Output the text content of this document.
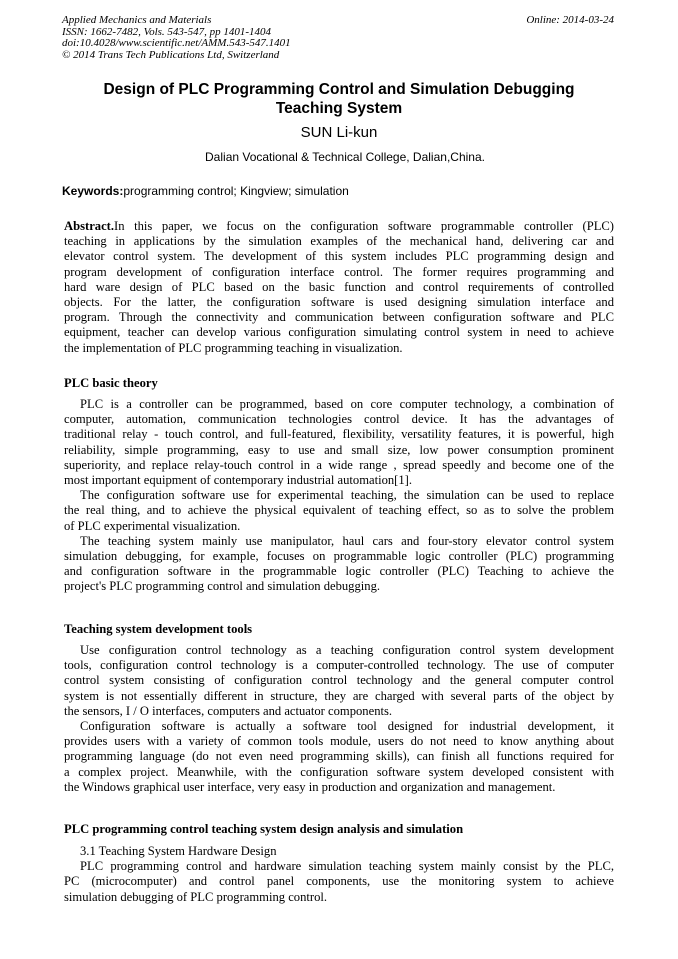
Applied Mechanics and Materials
ISSN: 1662-7482, Vols. 543-547, pp 1401-1404
doi:10.4028/www.scientific.net/AMM.543-547.1401
© 2014 Trans Tech Publications Ltd, Switzerland
Online: 2014-03-24
Design of PLC Programming Control and Simulation Debugging
Teaching System
SUN Li-kun
Dalian Vocational & Technical College, Dalian,China.
Keywords:programming control; Kingview; simulation
Abstract.In this paper, we focus on the configuration software programmable controller (PLC)
teaching in applications by the simulation examples of the mechanical hand, delivering car and
elevator control system. The development of this system includes PLC programming design and
program development of configuration interface control. The former requires programming and
hard ware design of PLC based on the basic function and control requirements of controlled
objects. For the latter, the configuration software is used designing simulation interface and
program. Through the connectivity and communication between configuration software and PLC
equipment, teacher can develop various configuration simulating control system in need to achieve
the implementation of PLC programming teaching in visualization.
PLC basic theory
PLC is a controller can be programmed, based on core computer technology, a combination of
computer, automation, communication technologies control device. It has the advantages of
traditional relay - touch control, and full-featured, flexibility, versatility features, it is powerful, high
reliability, simple programming, easy to use and small size, low power consumption prominent
superiority, and replace relay-touch control in a wide range , spread speedly and become one of the
most important equipment of contemporary industrial automation[1].
The configuration software use for experimental teaching, the simulation can be used to replace
the real thing, and to achieve the physical equivalent of teaching effect, so as to solve the problem
of PLC experimental visualization.
The teaching system mainly use manipulator, haul cars and four-story elevator control system
simulation debugging, for example, focuses on programmable logic controller (PLC) programming
and configuration software in the programmable logic controller (PLC) Teaching to achieve the
project's PLC programming control and simulation debugging.
Teaching system development tools
Use configuration control technology as a teaching configuration control system development
tools, configuration control technology is a computer-controlled technology. The use of computer
control system consisting of configuration control technology and the general computer control
system is not essentially different in structure, they are charged with several parts of the object by
the sensors, I / O interfaces, computers and actuator components.
Configuration software is actually a software tool designed for industrial development, it
provides users with a variety of common tools module, users do not need to know anything about
programming language (do not even need programming skills), can finish all functions required for
a complex project. Meanwhile, with the configuration software system developed consistent with
the Windows graphical user interface, very easy in production and organization and management.
PLC programming control teaching system design analysis and simulation
3.1 Teaching System Hardware Design
PLC programming control and hardware simulation teaching system mainly consist by the PLC,
PC (microcomputer) and control panel components, use the monitoring system to achieve
simulation debugging of PLC programming control.
